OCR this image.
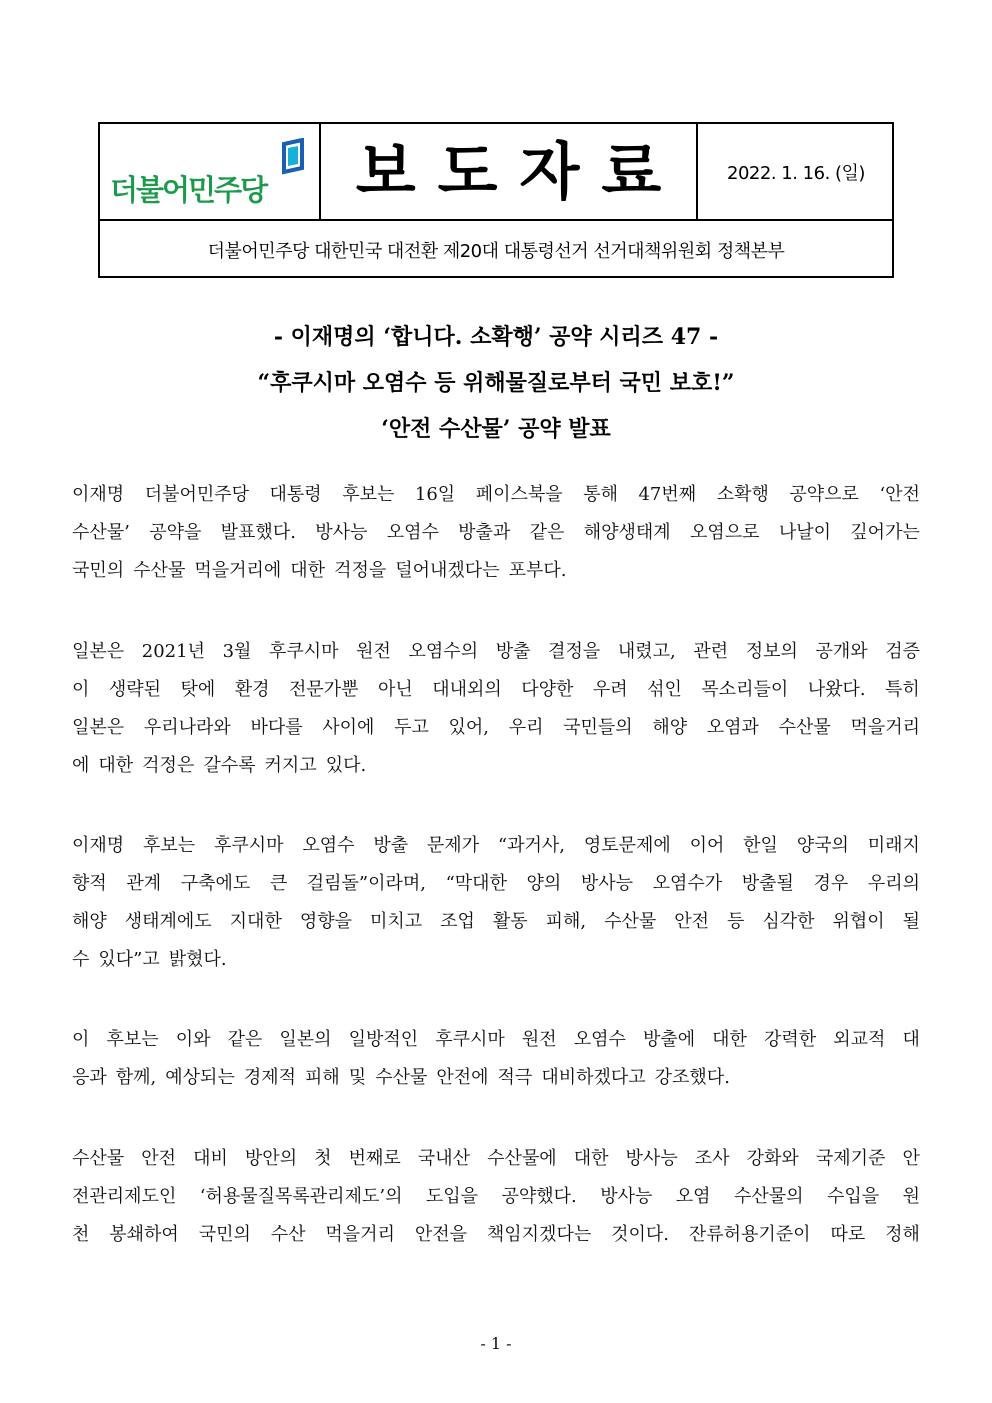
더불어민주당 보도자료 2022. 1. 16. (일)
더불어민주당 대한민국 대전환 제20대 대통령선거 선거대책위원회 정책본부
- 이재명의 ‘합니다. 소확행’ 공약 시리즈 47 -
“후쿠시마 오염수 등 위해물질로부터 국민 보호!”
‘안전 수산물’ 공약 발표
이재명 더불어민주당 대통령 후보는 16일 페이스북을 통해 47번째 소확행 공약으로 ‘안전
수산물’ 공약을 발표했다. 방사능 오염수 방출과 같은 해양생태계 오염으로 나날이 깊어가는
국민의 수산물 먹을거리에 대한 걱정을 덜어내겠다는 포부다.
일본은 2021년 3월 후쿠시마 원전 오염수의 방출 결정을 내렸고, 관련 정보의 공개와 검증
이 생략된 탓에 환경 전문가뿐 아닌 대내외의 다양한 우려 섞인 목소리들이 나왔다. 특히
일본은 우리나라와 바다를 사이에 두고 있어, 우리 국민들의 해양 오염과 수산물 먹을거리
에 대한 걱정은 갈수록 커지고 있다.
이재명 후보는 후쿠시마 오염수 방출 문제가 “과거사, 영토문제에 이어 한일 양국의 미래지
향적 관계 구축에도 큰 걸림돌”이라며, “막대한 양의 방사능 오염수가 방출될 경우 우리의
해양 생태계에도 지대한 영향을 미치고 조업 활동 피해, 수산물 안전 등 심각한 위협이 될
수 있다”고 밝혔다.
이 후보는 이와 같은 일본의 일방적인 후쿠시마 원전 오염수 방출에 대한 강력한 외교적 대
응과 함께, 예상되는 경제적 피해 및 수산물 안전에 적극 대비하겠다고 강조했다.
수산물 안전 대비 방안의 첫 번째로 국내산 수산물에 대한 방사능 조사 강화와 국제기준 안
전관리제도인 ‘허용물질목록관리제도’의 도입을 공약했다. 방사능 오염 수산물의 수입을 원
천 봉쇄하여 국민의 수산 먹을거리 안전을 책임지겠다는 것이다. 잔류허용기준이 따로 정해
- 1 -
